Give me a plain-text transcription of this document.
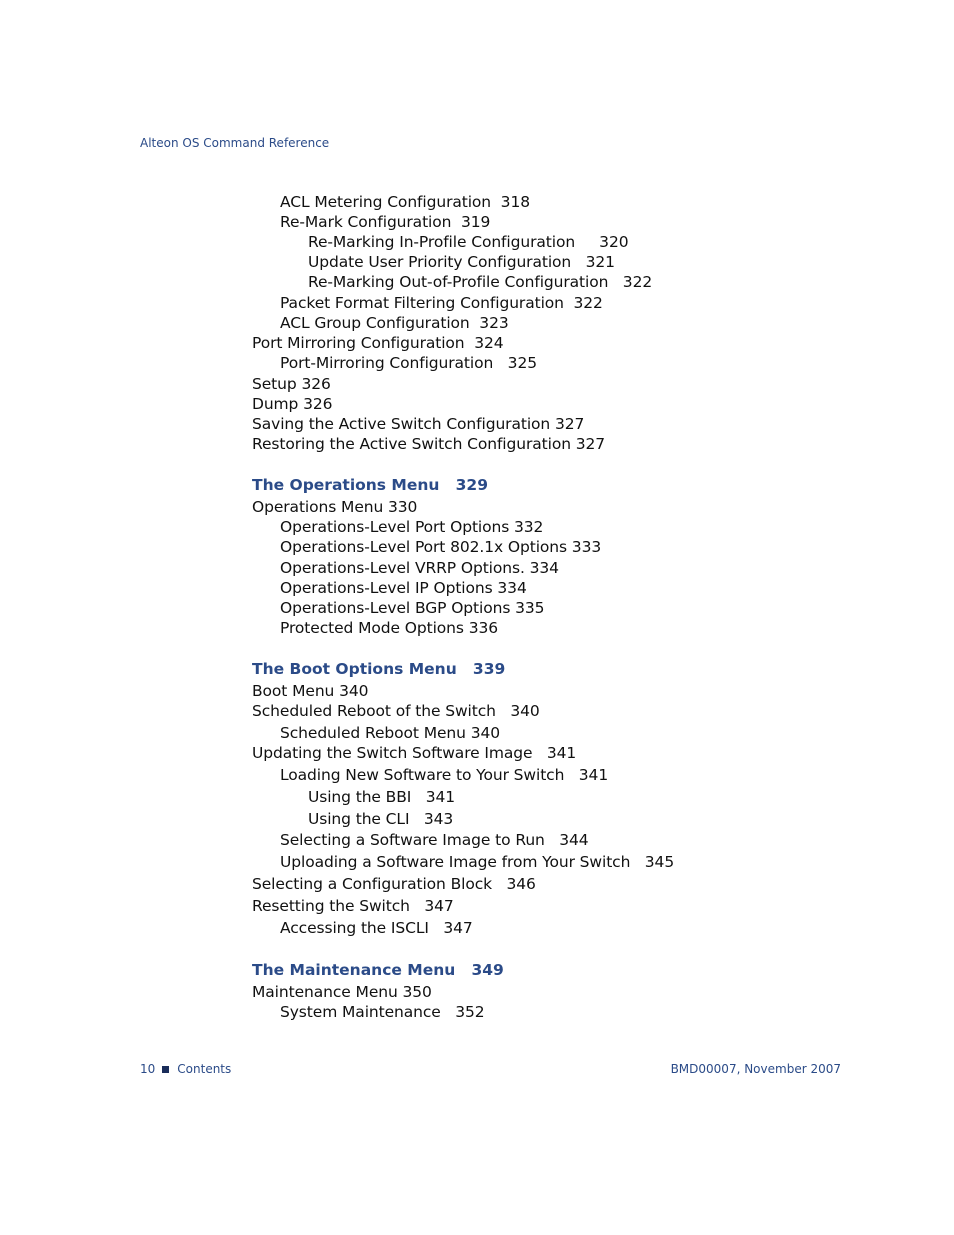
Alteon OS Command Reference
ACL Metering Configuration  318
Re-Mark Configuration  319
Re-Marking In-Profile Configuration     320
Update User Priority Configuration   321
Re-Marking Out-of-Profile Configuration   322
Packet Format Filtering Configuration  322
ACL Group Configuration  323
Port Mirroring Configuration  324
Port-Mirroring Configuration   325
Setup 326
Dump 326
Saving the Active Switch Configuration 327
Restoring the Active Switch Configuration 327
The Operations Menu   329
Operations Menu 330
Operations-Level Port Options 332
Operations-Level Port 802.1x Options 333
Operations-Level VRRP Options. 334
Operations-Level IP Options 334
Operations-Level BGP Options 335
Protected Mode Options 336
The Boot Options Menu   339
Boot Menu 340
Scheduled Reboot of the Switch   340
Scheduled Reboot Menu 340
Updating the Switch Software Image   341
Loading New Software to Your Switch   341
Using the BBI   341
Using the CLI   343
Selecting a Software Image to Run   344
Uploading a Software Image from Your Switch   345
Selecting a Configuration Block   346
Resetting the Switch   347
Accessing the ISCLI   347
The Maintenance Menu   349
Maintenance Menu 350
System Maintenance   352
10 Contents	BMD00007, November 2007
